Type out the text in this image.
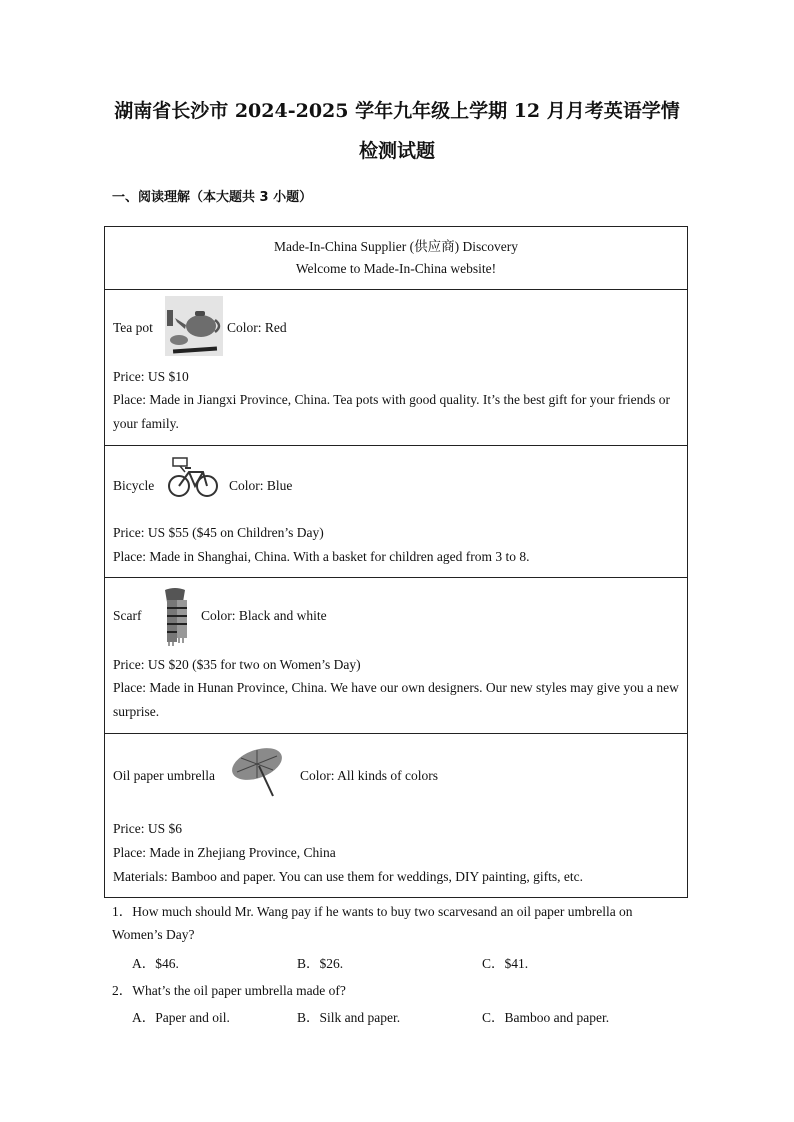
湖南省长沙市 2024-2025 学年九年级上学期 12 月月考英语学情
检测试题
一、阅读理解（本大题共 3 小题）
Made-In-China Supplier (供应商) Discovery
Welcome to Made-In-China website!
Tea pot	Color: Red
Price: US $10
Place: Made in Jiangxi Province, China. Tea pots with good quality. It’s the best gift for your friends or your family.
Bicycle	Color: Blue
Price: US $55 ($45 on Children’s Day)
Place: Made in Shanghai, China. With a basket for children aged from 3 to 8.
Scarf	Color: Black and white
Price: US $20 ($35 for two on Women’s Day)
Place: Made in Hunan Province, China. We have our own designers. Our new styles may give you a new surprise.
Oil paper umbrella	Color: All kinds of colors
Price: US $6
Place: Made in Zhejiang Province, China
Materials: Bamboo and paper. You can use them for weddings, DIY painting, gifts, etc.
1．How much should Mr. Wang pay if he wants to buy two scarvesand an oil paper umbrella on
Women’s Day?
A．$46.	B．$26.	C．$41.
2．What’s the oil paper umbrella made of?
A．Paper and oil.	B．Silk and paper.	C．Bamboo and paper.
